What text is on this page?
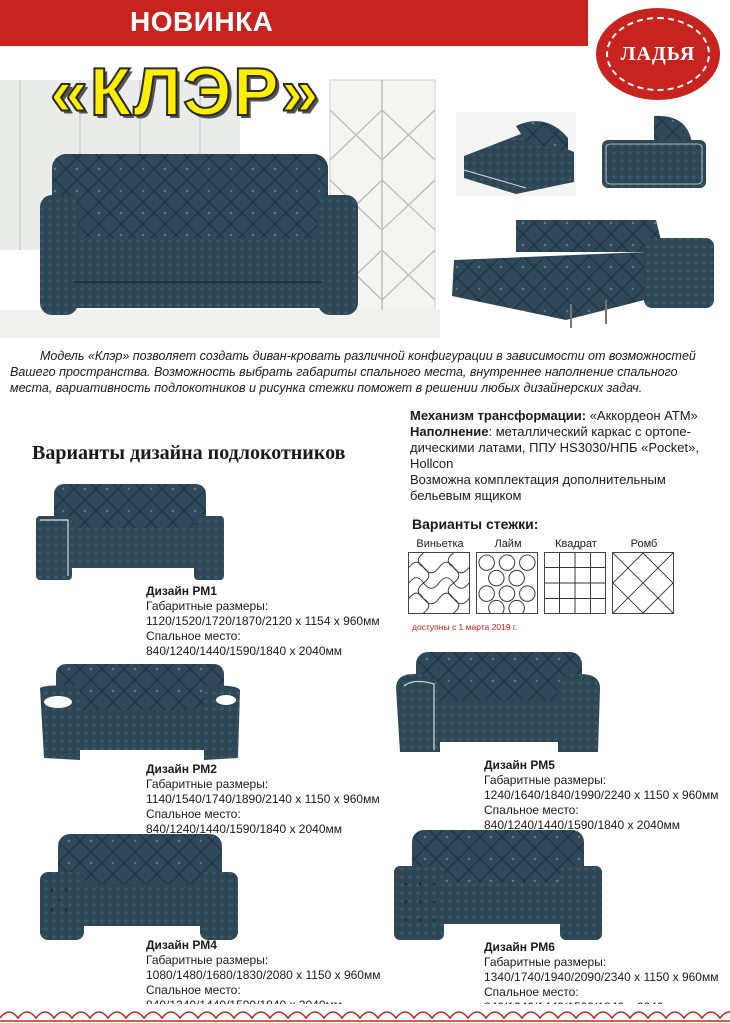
НОВИНКА
ЛАДЬЯ
«КЛЭР»
Модель «Клэр» позволяет создать диван-кровать различной конфигурации в зависимости от возможностей Вашего пространства. Возможность выбрать габариты спального места, внутреннее наполнение спального места, вариативность подлокотников и рисунка стежки поможет в решении любых дизайнерских задач.
Механизм трансформации: «Аккордеон АТМ»
Наполнение: металлический каркас с ортопе-дическими латами, ППУ HS3030/НПБ «Pocket», Hollcon
Возможна комплектация дополнительным бельевым ящиком
Варианты дизайна подлокотников
Варианты стежки:
Виньетка	Лайм	Квадрат	Ромб
доступны с 1 марта 2019 г.
Дизайн РМ1
Габаритные размеры:
1120/1520/1720/1870/2120 х 1154 х 960мм
Спальное место:
840/1240/1440/1590/1840 х 2040мм
Дизайн РМ2
Габаритные размеры:
1140/1540/1740/1890/2140 х 1150 х 960мм
Спальное место:
840/1240/1440/1590/1840 х 2040мм
Дизайн РМ5
Габаритные размеры:
1240/1640/1840/1990/2240 х 1150 х 960мм
Спальное место:
840/1240/1440/1590/1840 х 2040мм
Дизайн РМ4
Габаритные размеры:
1080/1480/1680/1830/2080 х 1150 х 960мм
Спальное место:
Дизайн РМ6
Габаритные размеры:
1340/1740/1940/2090/2340 х 1150 х 960мм
Спальное место:
